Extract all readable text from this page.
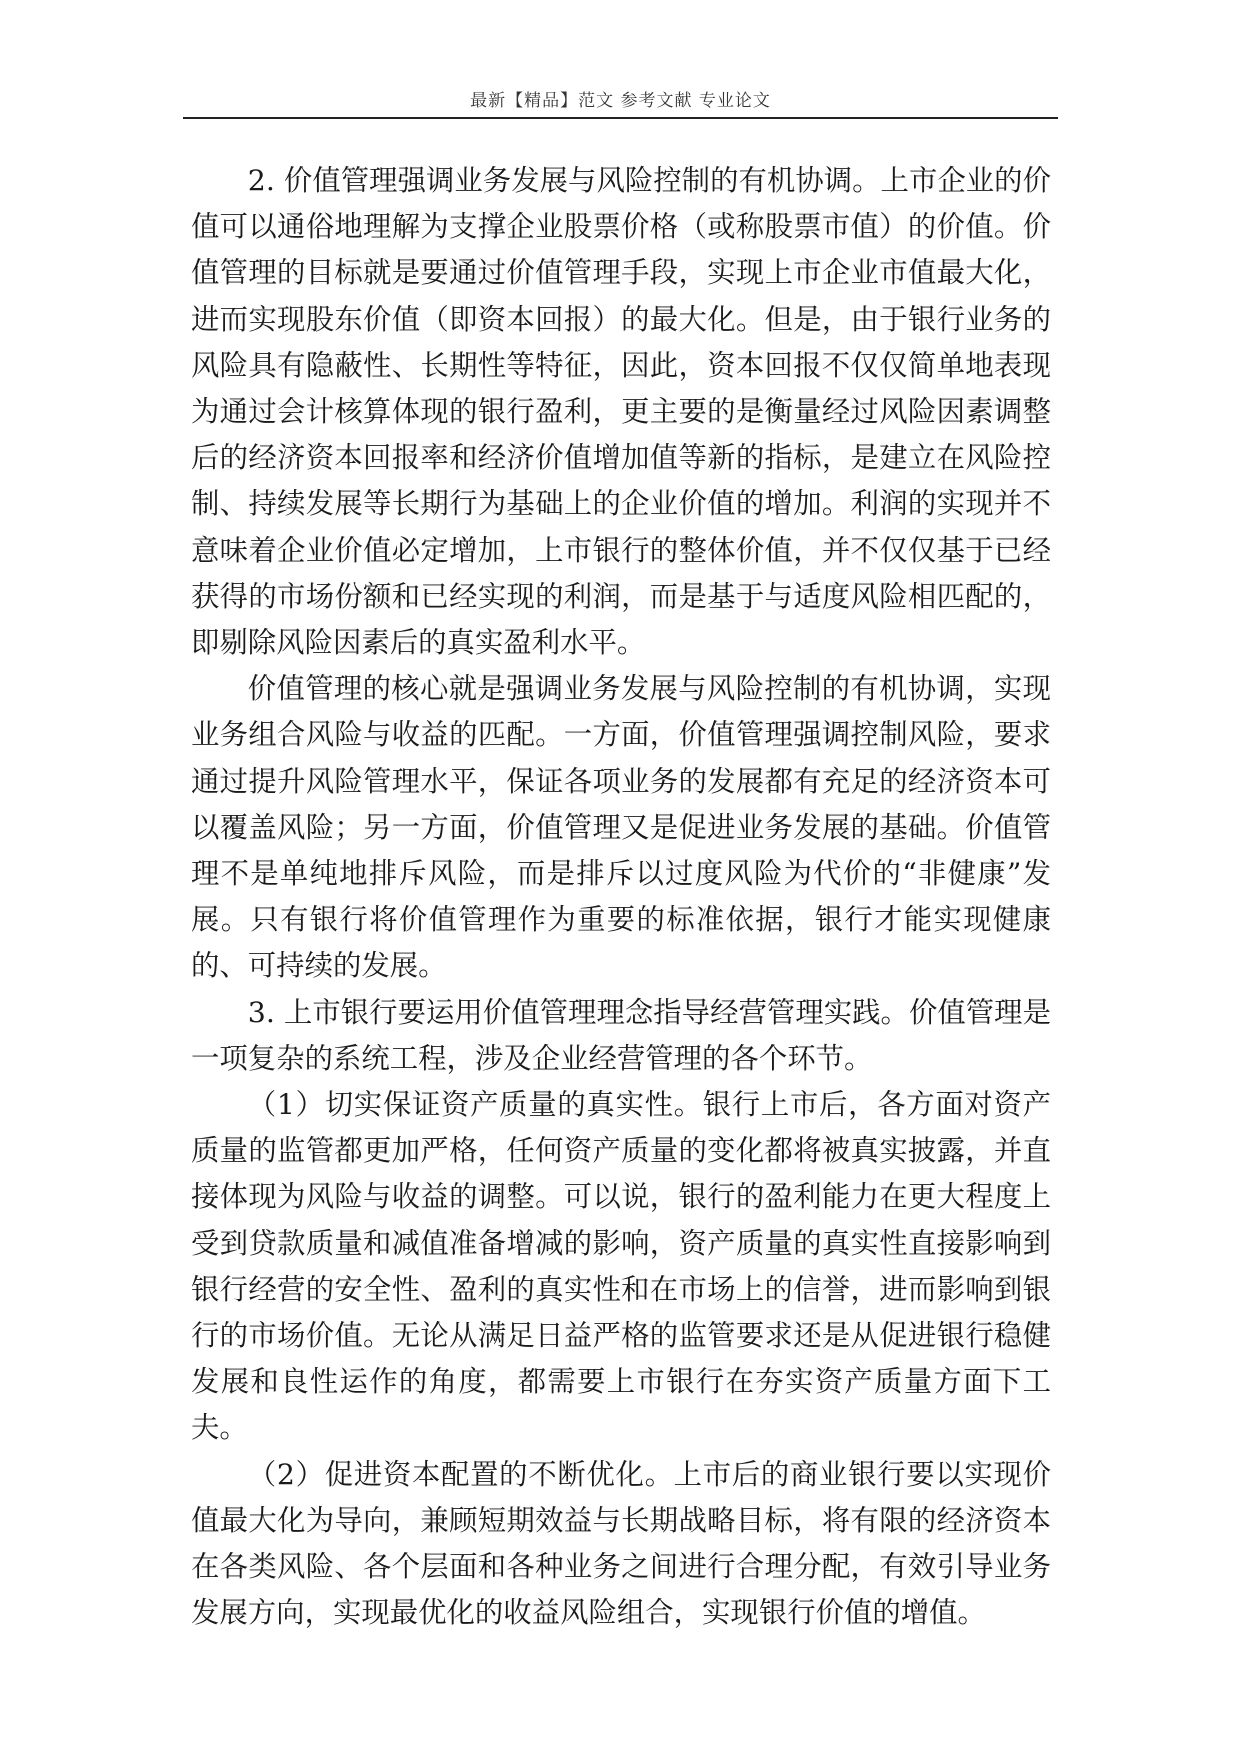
最新【精品】范文 参考文献 专业论文

2. 价值管理强调业务发展与风险控制的有机协调。上市企业的价值可以通俗地理解为支撑企业股票价格（或称股票市值）的价值。价值管理的目标就是要通过价值管理手段，实现上市企业市值最大化，进而实现股东价值（即资本回报）的最大化。但是，由于银行业务的风险具有隐蔽性、长期性等特征，因此，资本回报不仅仅简单地表现为通过会计核算体现的银行盈利，更主要的是衡量经过风险因素调整后的经济资本回报率和经济价值增加值等新的指标，是建立在风险控制、持续发展等长期行为基础上的企业价值的增加。利润的实现并不意味着企业价值必定增加，上市银行的整体价值，并不仅仅基于已经获得的市场份额和已经实现的利润，而是基于与适度风险相匹配的，即剔除风险因素后的真实盈利水平。

价值管理的核心就是强调业务发展与风险控制的有机协调，实现业务组合风险与收益的匹配。一方面，价值管理强调控制风险，要求通过提升风险管理水平，保证各项业务的发展都有充足的经济资本可以覆盖风险；另一方面，价值管理又是促进业务发展的基础。价值管理不是单纯地排斥风险，而是排斥以过度风险为代价的“非健康”发展。只有银行将价值管理作为重要的标准依据，银行才能实现健康的、可持续的发展。

3. 上市银行要运用价值管理理念指导经营管理实践。价值管理是一项复杂的系统工程，涉及企业经营管理的各个环节。

（1）切实保证资产质量的真实性。银行上市后，各方面对资产质量的监管都更加严格，任何资产质量的变化都将被真实披露，并直接体现为风险与收益的调整。可以说，银行的盈利能力在更大程度上受到贷款质量和减值准备增减的影响，资产质量的真实性直接影响到银行经营的安全性、盈利的真实性和在市场上的信誉，进而影响到银行的市场价值。无论从满足日益严格的监管要求还是从促进银行稳健发展和良性运作的角度，都需要上市银行在夯实资产质量方面下工夫。

（2）促进资本配置的不断优化。上市后的商业银行要以实现价值最大化为导向，兼顾短期效益与长期战略目标，将有限的经济资本在各类风险、各个层面和各种业务之间进行合理分配，有效引导业务发展方向，实现最优化的收益风险组合，实现银行价值的增值。
